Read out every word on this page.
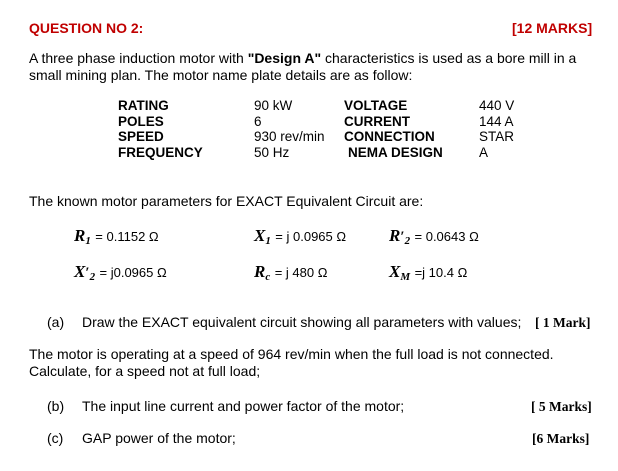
QUESTION NO 2:	[12 MARKS]
A three phase induction motor with "Design A" characteristics is used as a bore mill in a small mining plan. The motor name plate details are as follow:
RATING	90 kW	VOLTAGE	440 V
POLES	6	CURRENT	144 A
SPEED	930 rev/min CONNECTION	STAR
FREQUENCY	50 Hz	NEMA DESIGN	A
The known motor parameters for EXACT Equivalent Circuit are:
R1 = 0.1152 Ω	X1 = j 0.0965 Ω	R′2 = 0.0643 Ω
X′2 = j0.0965 Ω	Rc = j 480 Ω	XM =j 10.4 Ω
(a) Draw the EXACT equivalent circuit showing all parameters with values; [ 1 Mark]
The motor is operating at a speed of 964 rev/min when the full load is not connected.
Calculate, for a speed not at full load;
(b) The input line current and power factor of the motor;	[ 5 Marks]
(c) GAP power of the motor;	[6 Marks]
